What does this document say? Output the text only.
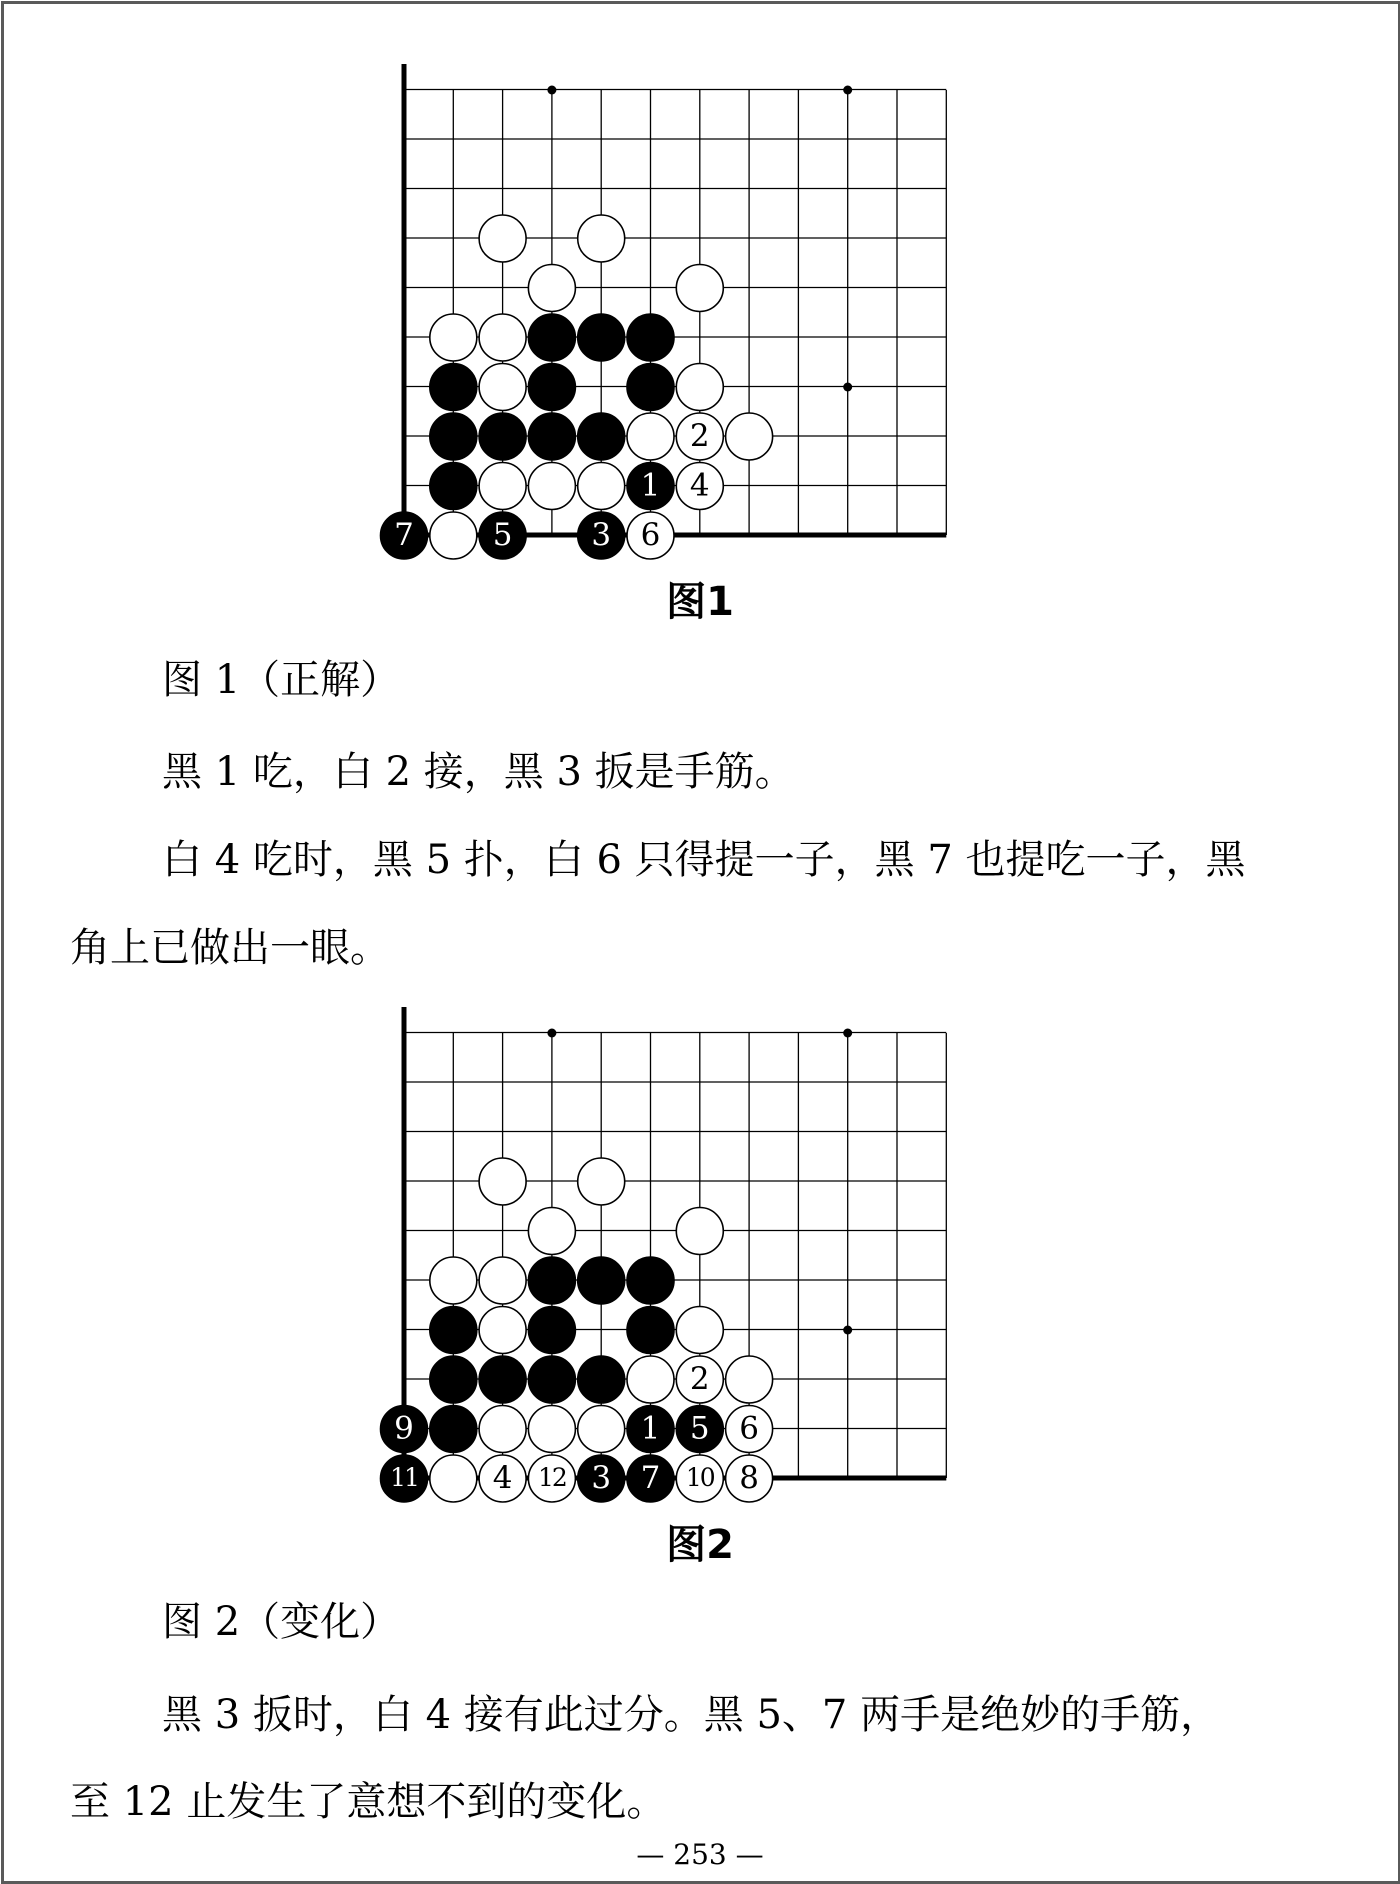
2
1 4
7	5	3 6
图1
图 1（正解）
黑 1 吃，白 2 接，黑 3 扳是手筋。
白 4 吃时，黑 5 扑，白 6 只得提一子，黑 7 也提吃一子，黑
角上已做出一眼。
2
9	1 5 6
11 4 12 3 7 10 8
图2
图 2（变化）
黑 3 扳时，白 4 接有此过分。黑 5、7 两手是绝妙的手筋，
至 12 止发生了意想不到的变化。
— 253 —
